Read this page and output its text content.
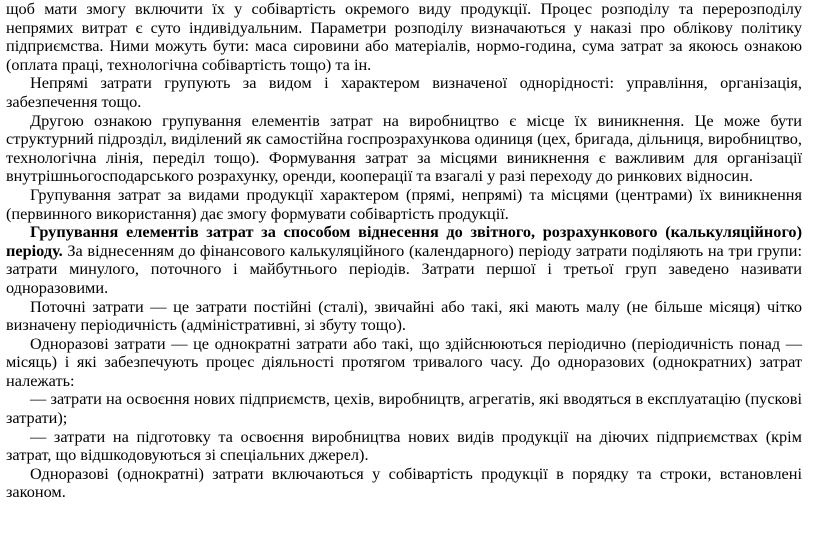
щоб мати змогу включити їх у собівартість окремого виду продукції. Процес розподілу та перерозподілу непрямих витрат є суто індивідуальним. Параметри розподілу визначаються у наказі про обліковy політику підприємства. Ними можуть бути: маса сировини або матеріалів, нормо-година, сума затрат за якоюсь ознакою (оплата праці, технологічна собівартість тощо) та ін.

Непрямі затрати групують за видом і характером визначеної однорідності: управління, організація, забезпечення тощо.

Другою ознакою групування елементів затрат на виробництво є місце їх виникнення. Це може бути структурний підрозділ, виділений як самостійна госпрозрахункова одиниця (цех, бригада, дільниця, виробництво, технологічна лінія, перeділ тощо). Формування затрат за місцями виникнення є важливим для організації внутрішньогосподарського розрахунку, оренди, кооперації та взагалі у разі переходу до ринкових відносин.

Групування затрат за видами продукції характером (прямі, непрямі) та місцями (центрами) їх виникнення (первинного використання) дає змогу формувати собівартість продукції.

Групування елементів затрат за способом віднесення до звітного, розрахункового (калькуляційного) періоду. За віднесенням до фінансового калькуляційного (календарного) періоду затрати поділяють на три групи: затрати минулого, поточного і майбутнього періодів. Затрати першої і третьої груп заведено називати одноразовими.

Поточні затрати — це затрати постійні (сталі), звичайні або такі, які мають малу (не більше місяця) чітко визначену періодичність (адміністративні, зі збуту тощо).

Одноразові затрати — це однократні затрати або такі, що здійснюються періодично (періодичність понад — місяць) і які забезпечують процес діяльності протягом тривалого часу. До одноразових (однократних) затрат належать:

— затрати на освоєння нових підприємств, цехів, виробництв, агрегатів, які вводяться в експлуатацію (пускові затрати);

— затрати на підготовку та освоєння виробництва нових видів продукції на діючих підприємствах (крім затрат, що відшкодовуються зі спеціальних джерел).

Одноразові (однократні) затрати включаються у собівартість продукції в порядку та строки, встановлені законом.
